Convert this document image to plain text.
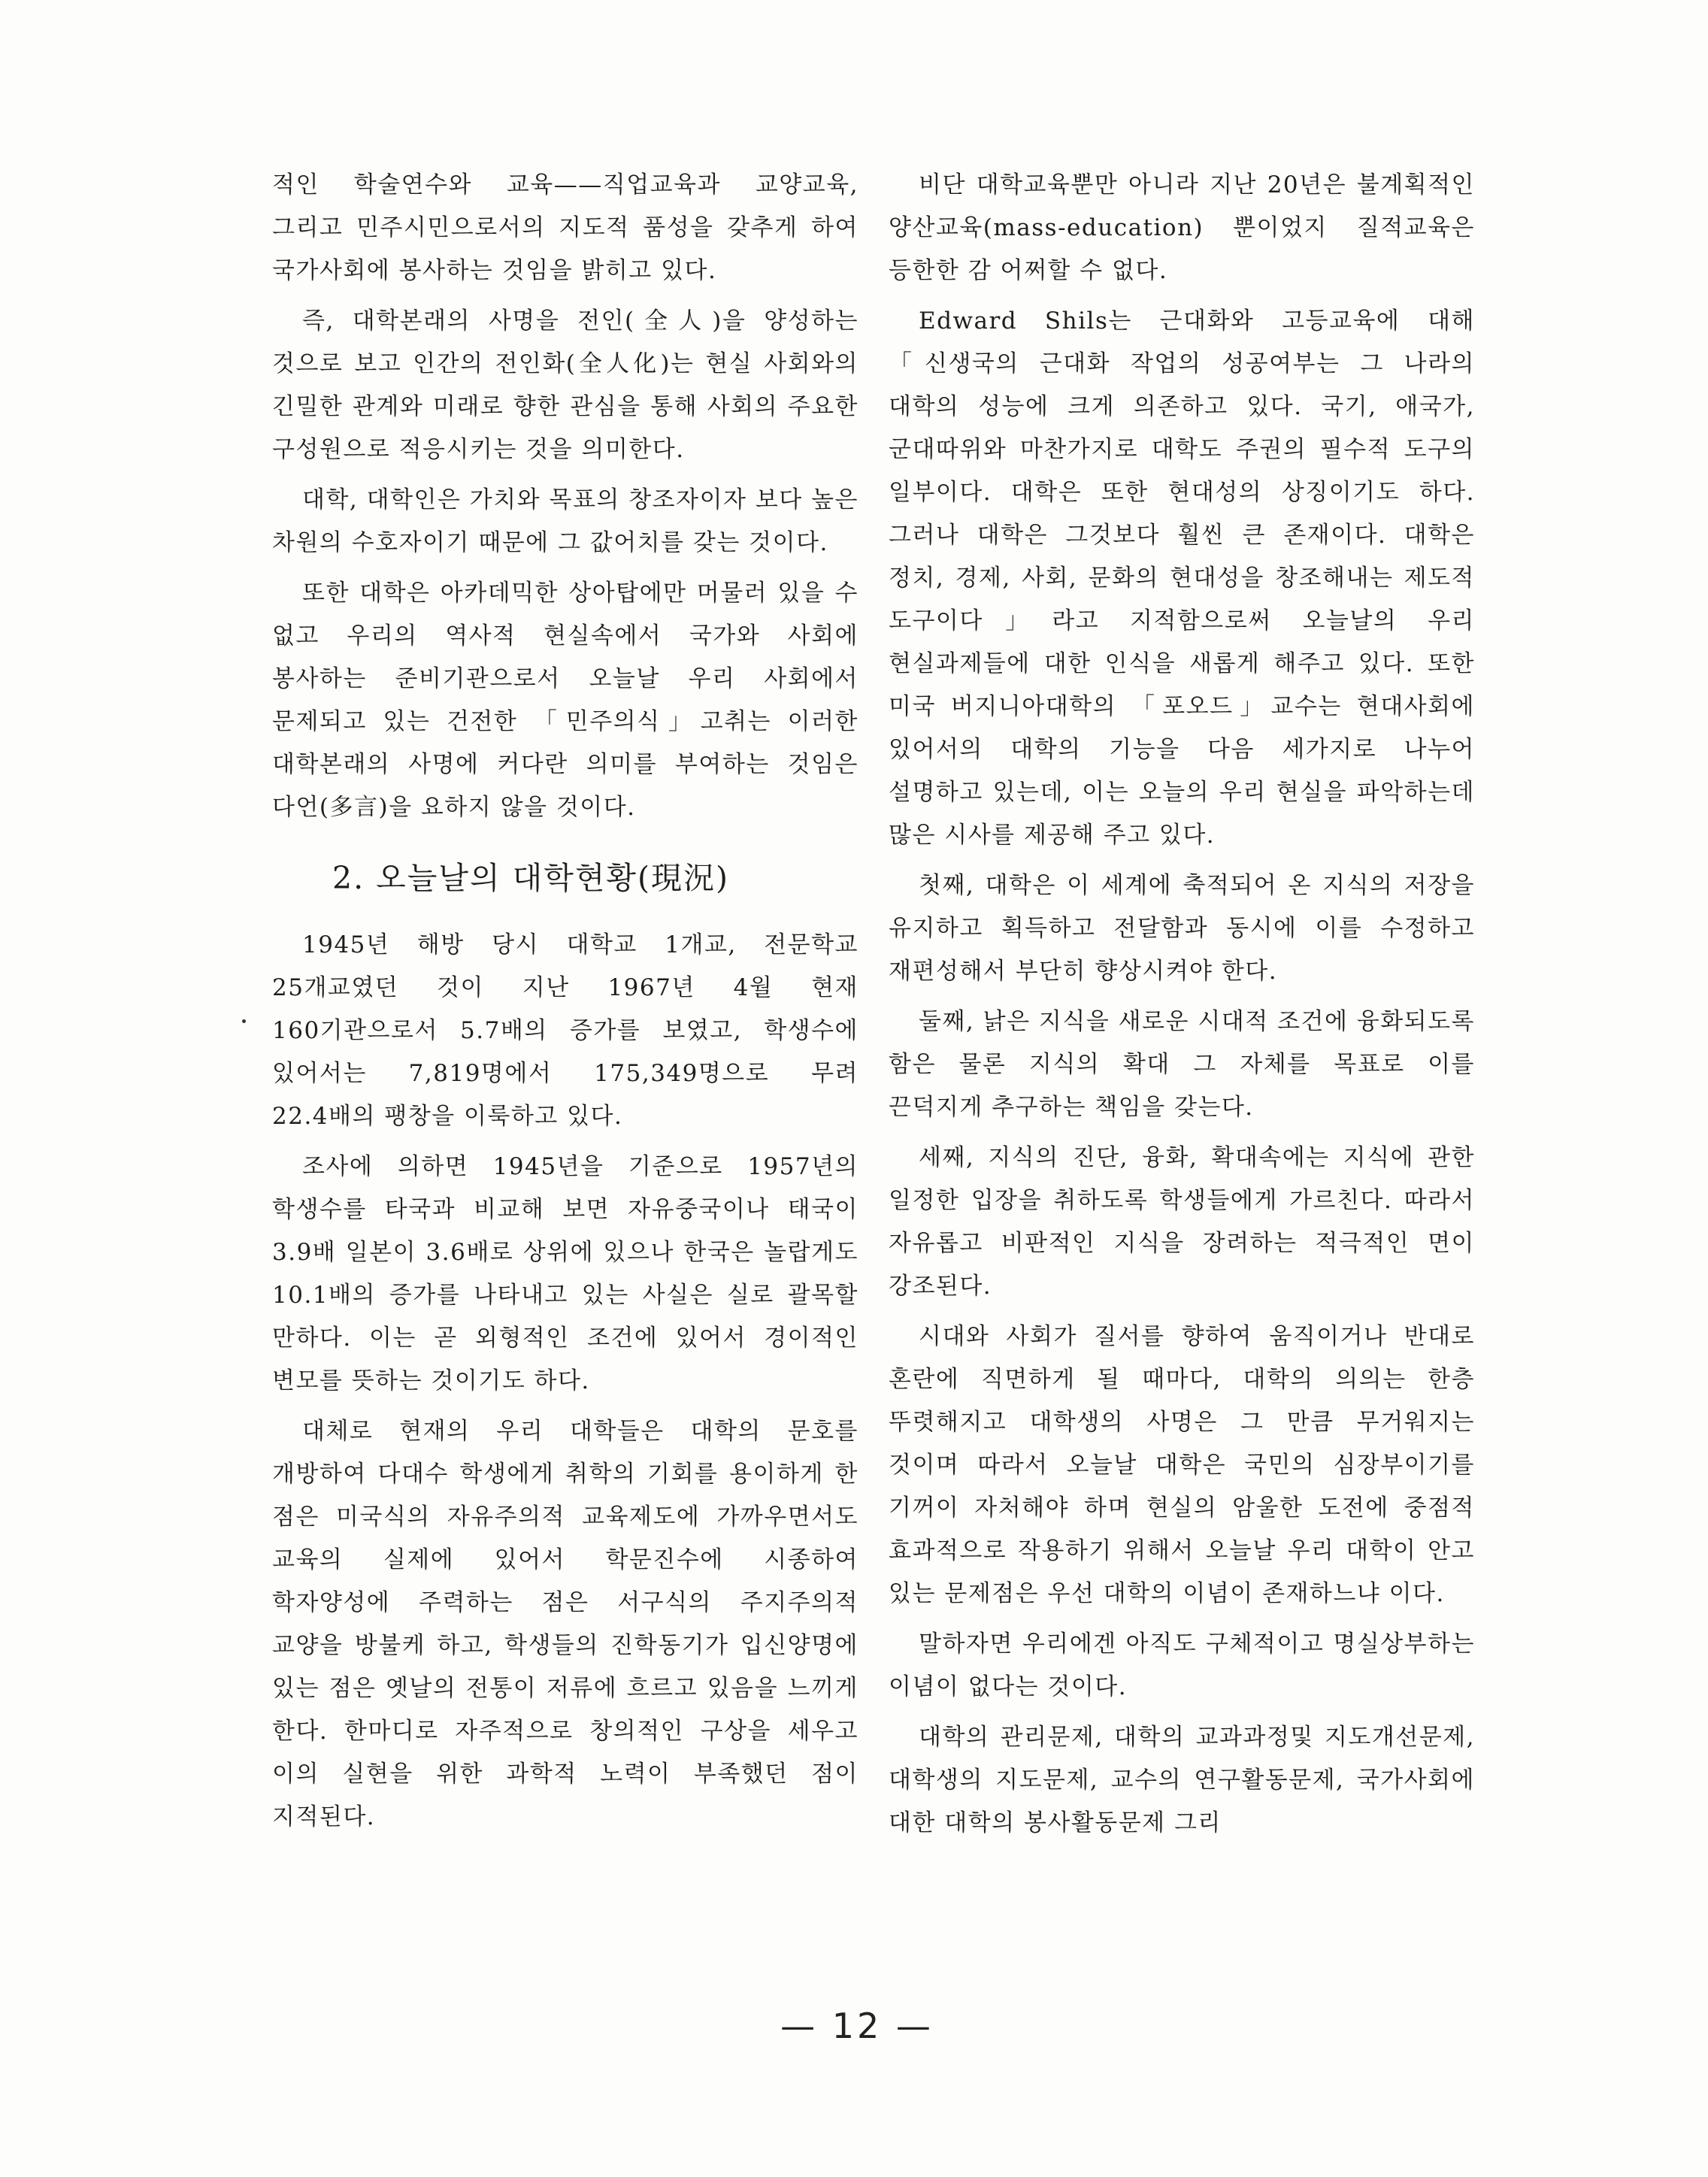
적인 학술연수와 교육——직업교육과 교양교육, 그리고 민주시민으로서의 지도적 품성을 갖추게 하여 국가사회에 봉사하는 것임을 밝히고 있다.

즉, 대학본래의 사명을 전인(全人)을 양성하는 것으로 보고 인간의 전인화(全人化)는 현실 사회와의 긴밀한 관계와 미래로 향한 관심을 통해 사회의 주요한 구성원으로 적응시키는 것을 의미한다.

대학, 대학인은 가치와 목표의 창조자이자 보다 높은 차원의 수호자이기 때문에 그 값어치를 갖는 것이다.

또한 대학은 아카데믹한 상아탑에만 머물러 있을 수 없고 우리의 역사적 현실속에서 국가와 사회에 봉사하는 준비기관으로서 오늘날 우리 사회에서 문제되고 있는 건전한 「민주의식」고취는 이러한 대학본래의 사명에 커다란 의미를 부여하는 것임은 다언(多言)을 요하지 않을 것이다.

2. 오늘날의 대학현황(現況)

1945년 해방 당시 대학교 1개교, 전문학교 25개교였던 것이 지난 1967년 4월 현재 160기관으로서 5.7배의 증가를 보였고, 학생수에 있어서는 7,819명에서 175,349명으로 무려 22.4배의 팽창을 이룩하고 있다.

조사에 의하면 1945년을 기준으로 1957년의 학생수를 타국과 비교해 보면 자유중국이나 태국이 3.9배 일본이 3.6배로 상위에 있으나 한국은 놀랍게도 10.1배의 증가를 나타내고 있는 사실은 실로 괄목할 만하다. 이는 곧 외형적인 조건에 있어서 경이적인 변모를 뜻하는 것이기도 하다.

대체로 현재의 우리 대학들은 대학의 문호를 개방하여 다대수 학생에게 취학의 기회를 용이하게 한 점은 미국식의 자유주의적 교육제도에 가까우면서도 교육의 실제에 있어서 학문진수에 시종하여 학자양성에 주력하는 점은 서구식의 주지주의적 교양을 방불케 하고, 학생들의 진학동기가 입신양명에 있는 점은 옛날의 전통이 저류에 흐르고 있음을 느끼게 한다. 한마디로 자주적으로 창의적인 구상을 세우고 이의 실현을 위한 과학적 노력이 부족했던 점이 지적된다.

비단 대학교육뿐만 아니라 지난 20년은 불계획적인 양산교육(mass-education) 뿐이었지 질적교육은 등한한 감 어쩌할 수 없다.

Edward Shils는 근대화와 고등교육에 대해 「신생국의 근대화 작업의 성공여부는 그 나라의 대학의 성능에 크게 의존하고 있다. 국기, 애국가, 군대따위와 마찬가지로 대학도 주권의 필수적 도구의 일부이다. 대학은 또한 현대성의 상징이기도 하다. 그러나 대학은 그것보다 훨씬 큰 존재이다. 대학은 정치, 경제, 사회, 문화의 현대성을 창조해내는 제도적 도구이다」라고 지적함으로써 오늘날의 우리 현실과제들에 대한 인식을 새롭게 해주고 있다. 또한 미국 버지니아대학의 「포오드」교수는 현대사회에 있어서의 대학의 기능을 다음 세가지로 나누어 설명하고 있는데, 이는 오늘의 우리 현실을 파악하는데 많은 시사를 제공해 주고 있다.

첫째, 대학은 이 세계에 축적되어 온 지식의 저장을 유지하고 획득하고 전달함과 동시에 이를 수정하고 재편성해서 부단히 향상시켜야 한다.

둘째, 낡은 지식을 새로운 시대적 조건에 융화되도록 함은 물론 지식의 확대 그 자체를 목표로 이를 끈덕지게 추구하는 책임을 갖는다.

세째, 지식의 진단, 융화, 확대속에는 지식에 관한 일정한 입장을 취하도록 학생들에게 가르친다. 따라서 자유롭고 비판적인 지식을 장려하는 적극적인 면이 강조된다.

시대와 사회가 질서를 향하여 움직이거나 반대로 혼란에 직면하게 될 때마다, 대학의 의의는 한층 뚜렷해지고 대학생의 사명은 그 만큼 무거워지는 것이며 따라서 오늘날 대학은 국민의 심장부이기를 기꺼이 자처해야 하며 현실의 암울한 도전에 중점적 효과적으로 작용하기 위해서 오늘날 우리 대학이 안고 있는 문제점은 우선 대학의 이념이 존재하느냐 이다.

말하자면 우리에겐 아직도 구체적이고 명실상부하는 이념이 없다는 것이다.

대학의 관리문제, 대학의 교과과정및 지도개선문제, 대학생의 지도문제, 교수의 연구활동문제, 국가사회에 대한 대학의 봉사활동문제 그리

— 12 —
